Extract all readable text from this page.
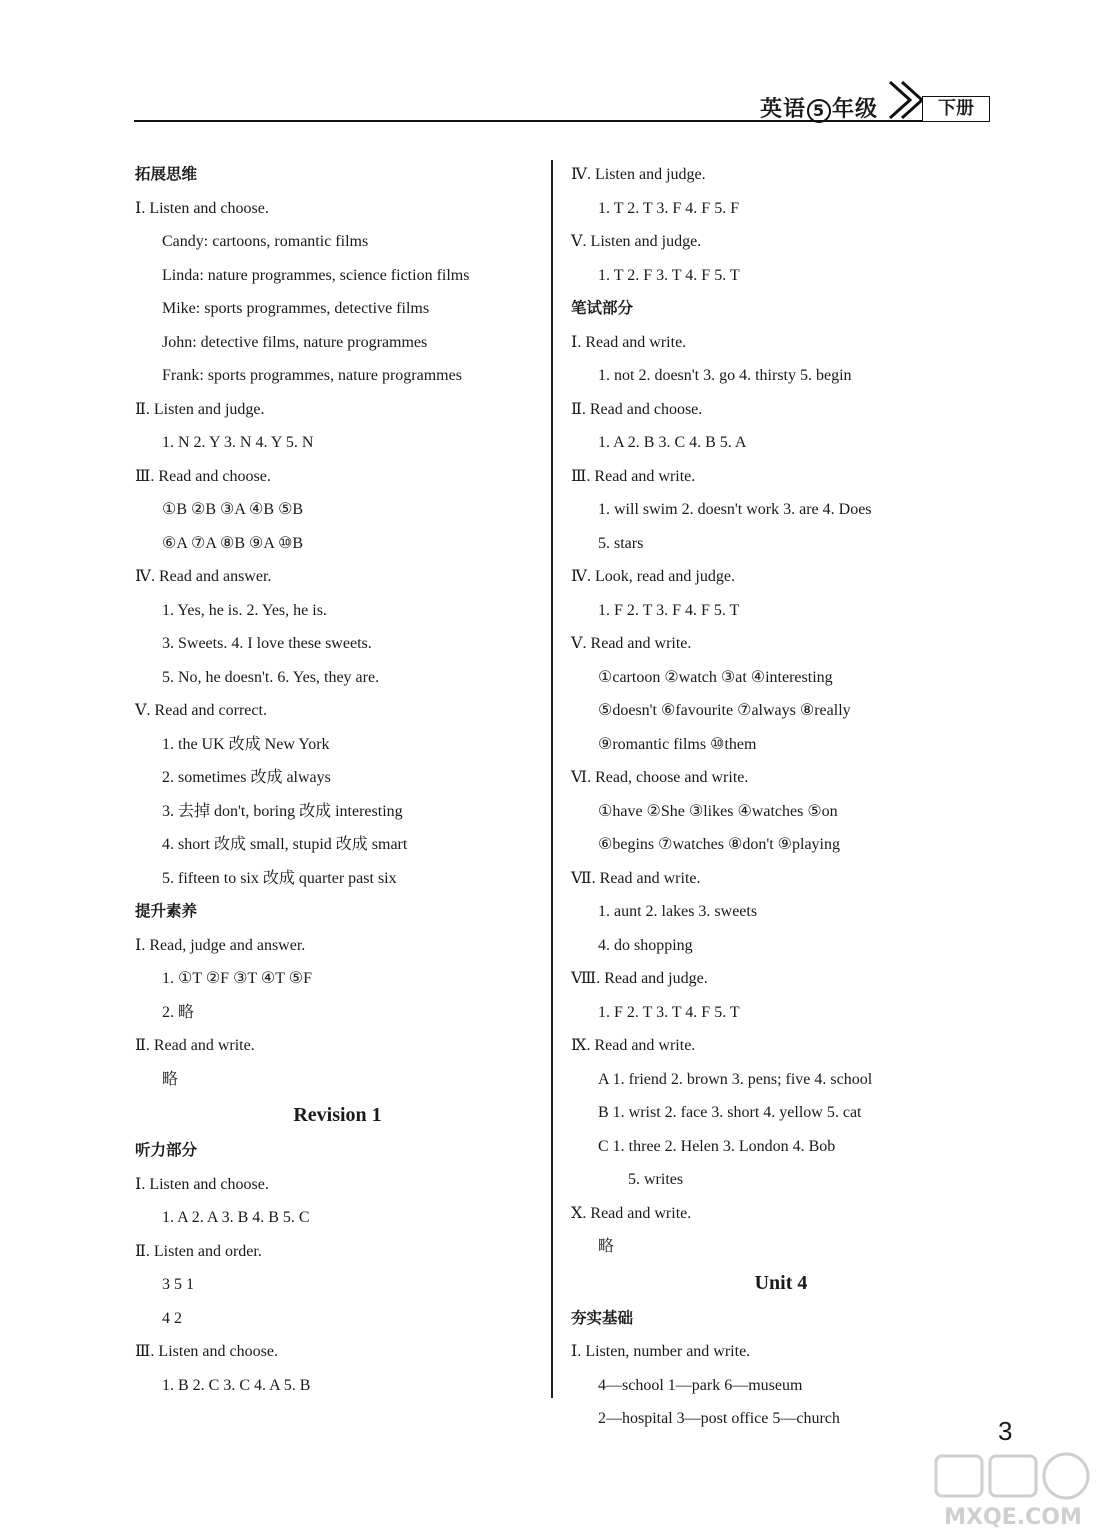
英语 5 年级	下册
拓展思维
Ⅰ. Listen and choose.
Candy: cartoons, romantic films
Linda: nature programmes, science fiction films
Mike: sports programmes, detective films
John: detective films, nature programmes
Frank: sports programmes, nature programmes
Ⅱ. Listen and judge.
1. N 2. Y 3. N 4. Y 5. N
Ⅲ. Read and choose.
①B ②B ③A ④B ⑤B
⑥A ⑦A ⑧B ⑨A ⑩B
Ⅳ. Read and answer.
1. Yes, he is. 2. Yes, he is.
3. Sweets. 4. I love these sweets.
5. No, he doesn't. 6. Yes, they are.
Ⅴ. Read and correct.
1. the UK 改成 New York
2. sometimes 改成 always
3. 去掉 don't, boring 改成 interesting
4. short 改成 small, stupid 改成 smart
5. fifteen to six 改成 quarter past six
提升素养
Ⅰ. Read, judge and answer.
1. ①T ②F ③T ④T ⑤F
2. 略
Ⅱ. Read and write.
略
Revision 1
听力部分
Ⅰ. Listen and choose.
1. A 2. A 3. B 4. B 5. C
Ⅱ. Listen and order.
3 5 1
4 2
Ⅲ. Listen and choose.
1. B 2. C 3. C 4. A 5. B
Ⅳ. Listen and judge.
1. T 2. T 3. F 4. F 5. F
Ⅴ. Listen and judge.
1. T 2. F 3. T 4. F 5. T
笔试部分
Ⅰ. Read and write.
1. not 2. doesn't 3. go 4. thirsty 5. begin
Ⅱ. Read and choose.
1. A 2. B 3. C 4. B 5. A
Ⅲ. Read and write.
1. will swim 2. doesn't work 3. are 4. Does
5. stars
Ⅳ. Look, read and judge.
1. F 2. T 3. F 4. F 5. T
Ⅴ. Read and write.
①cartoon ②watch ③at ④interesting
⑤doesn't ⑥favourite ⑦always ⑧really
⑨romantic films ⑩them
Ⅵ. Read, choose and write.
①have ②She ③likes ④watches ⑤on
⑥begins ⑦watches ⑧don't ⑨playing
Ⅶ. Read and write.
1. aunt 2. lakes 3. sweets
4. do shopping
Ⅷ. Read and judge.
1. F 2. T 3. T 4. F 5. T
Ⅸ. Read and write.
A 1. friend 2. brown 3. pens; five 4. school
B 1. wrist 2. face 3. short 4. yellow 5. cat
C 1. three 2. Helen 3. London 4. Bob
5. writes
Ⅹ. Read and write.
略
Unit 4
夯实基础
Ⅰ. Listen, number and write.
4—school 1—park 6—museum
2—hospital 3—post office 5—church	3
MXQE.COM
